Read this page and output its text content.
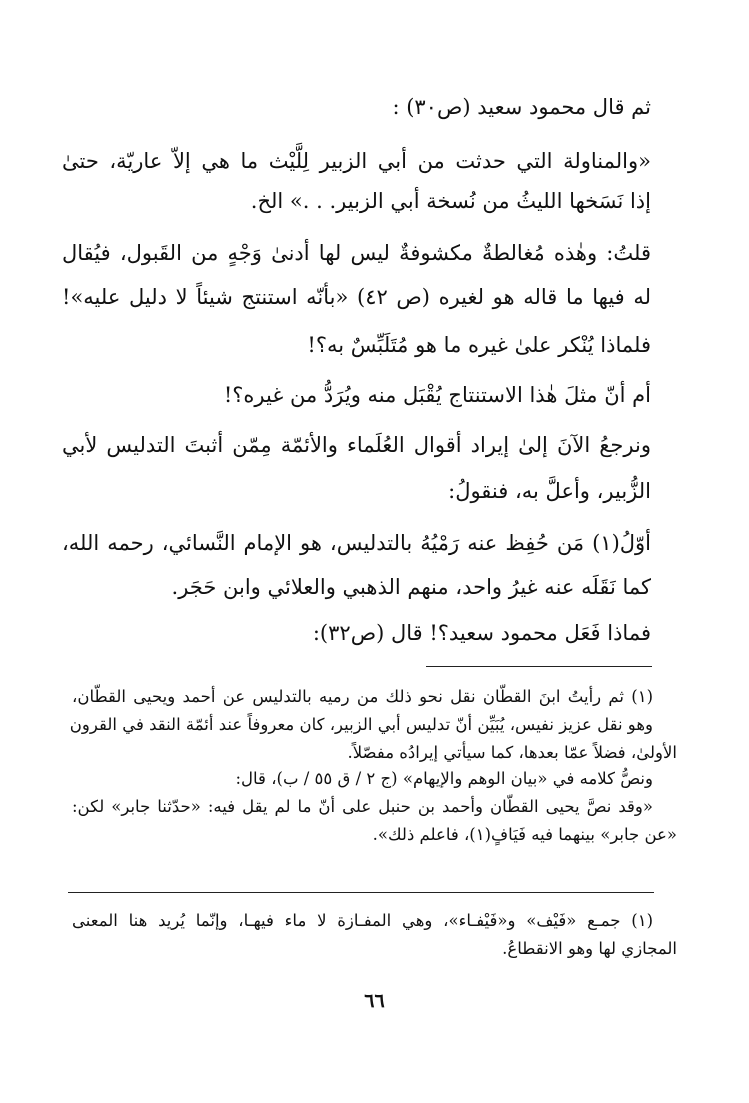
ثم قال محمود سعيد (ص٣٠) :
«والمناولة التي حدثت من أبي الزبير لِلَّيْث ما هي إلاّ عاريّة، حتىٰ
إذا نَسَخها الليثُ من نُسخة أبي الزبير. . .» الخ.
قلتُ: وهٰذه مُغالطةٌ مكشوفةٌ ليس لها أدنىٰ وَجْهٍ من القَبول، فيُقال
له فيها ما قاله هو لغيره (ص ٤٢) «بأنّه استنتج شيئاً لا دليل عليه»!
فلماذا يُنْكر علىٰ غيره ما هو مُتَلَبِّسٌ به؟!
أم أنّ مثلَ هٰذا الاستنتاج يُقْبَل منه ويُرَدُّ من غيره؟!
ونرجعُ الآنَ إلىٰ إيراد أقوال العُلَماء والأئمّة مِمّن أثبتَ التدليس لأبي
الزُّبير، وأعلَّ به، فنقولُ:
أوّلُ(١) مَن حُفِظ عنه رَمْيُهُ بالتدليس، هو الإمام النَّسائي، رحمه الله،
كما نَقَلَه عنه غيرُ واحد، منهم الذهبي والعلائي وابن حَجَر.
فماذا فَعَل محمود سعيد؟! قال (ص٣٢):
(١) ثم رأيتُ ابنَ القطّان نقل نحو ذلك من رميه بالتدليس عن أحمد ويحيى القطّان،
وهو نقل عزيز نفيس، يُبَيِّن أنّ تدليس أبي الزبير، كان معروفاً عند أئمّة النقد في القرون
الأولىٰ، فضلاً عمّا بعدها، كما سيأتي إيرادُه مفصّلاً.
ونصُّ كلامه في «بيان الوهم والإيهام» (ج ٢ / ق ٥٥ / ب)، قال:
«وقد نصَّ يحيى القطّان وأحمد بن حنبل على أنّ ما لم يقل فيه: «حدّثنا جابر» لكن:
«عن جابر» بينهما فيه فَيَافٍ(١)، فاعلم ذلك».
(١) جمـع «فَيْف» و«فَيْفـاء»، وهي المفـازة لا ماء فيهـا، وإنّما يُريد هنا المعنى
المجازي لها وهو الانقطاعُ.
٦٦
